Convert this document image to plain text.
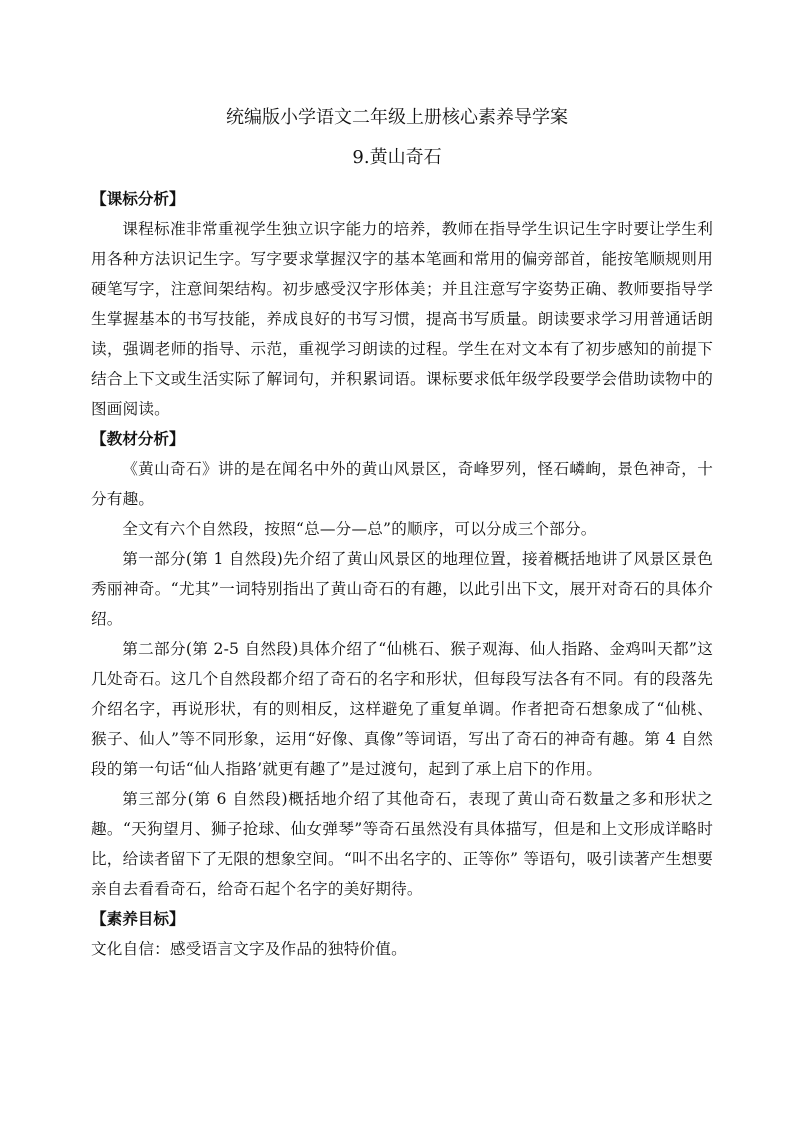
统编版小学语文二年级上册核心素养导学案
9.黄山奇石

【课标分析】

课程标准非常重视学生独立识字能力的培养，教师在指导学生识记生字时要让学生利用各种方法识记生字。写字要求掌握汉字的基本笔画和常用的偏旁部首，能按笔顺规则用硬笔写字，注意间架结构。初步感受汉字形体美；并且注意写字姿势正确、教师要指导学生掌握基本的书写技能，养成良好的书写习惯，提高书写质量。朗读要求学习用普通话朗读，强调老师的指导、示范，重视学习朗读的过程。学生在对文本有了初步感知的前提下结合上下文或生活实际了解词句，并积累词语。课标要求低年级学段要学会借助读物中的图画阅读。

【教材分析】

《黄山奇石》讲的是在闻名中外的黄山风景区，奇峰罗列，怪石嶙峋，景色神奇，十分有趣。

全文有六个自然段，按照“总—分—总”的顺序，可以分成三个部分。

第一部分(第 1 自然段)先介绍了黄山风景区的地理位置，接着概括地讲了风景区景色秀丽神奇。“尤其”一词特别指出了黄山奇石的有趣，以此引出下文，展开对奇石的具体介绍。

第二部分(第 2-5 自然段)具体介绍了“仙桃石、猴子观海、仙人指路、金鸡叫天都”这几处奇石。这几个自然段都介绍了奇石的名字和形状，但每段写法各有不同。有的段落先介绍名字，再说形状，有的则相反，这样避免了重复单调。作者把奇石想象成了“仙桃、猴子、仙人”等不同形象，运用“好像、真像”等词语，写出了奇石的神奇有趣。第 4 自然段的第一句话“仙人指路’就更有趣了”是过渡句，起到了承上启下的作用。

第三部分(第 6 自然段)概括地介绍了其他奇石，表现了黄山奇石数量之多和形状之趣。“天狗望月、狮子抢球、仙女弹琴”等奇石虽然没有具体描写，但是和上文形成详略时比，给读者留下了无限的想象空间。“叫不出名字的、正等你” 等语句，吸引读著产生想要亲自去看看奇石，给奇石起个名字的美好期待。

【素养目标】

文化自信：感受语言文字及作品的独特价值。
